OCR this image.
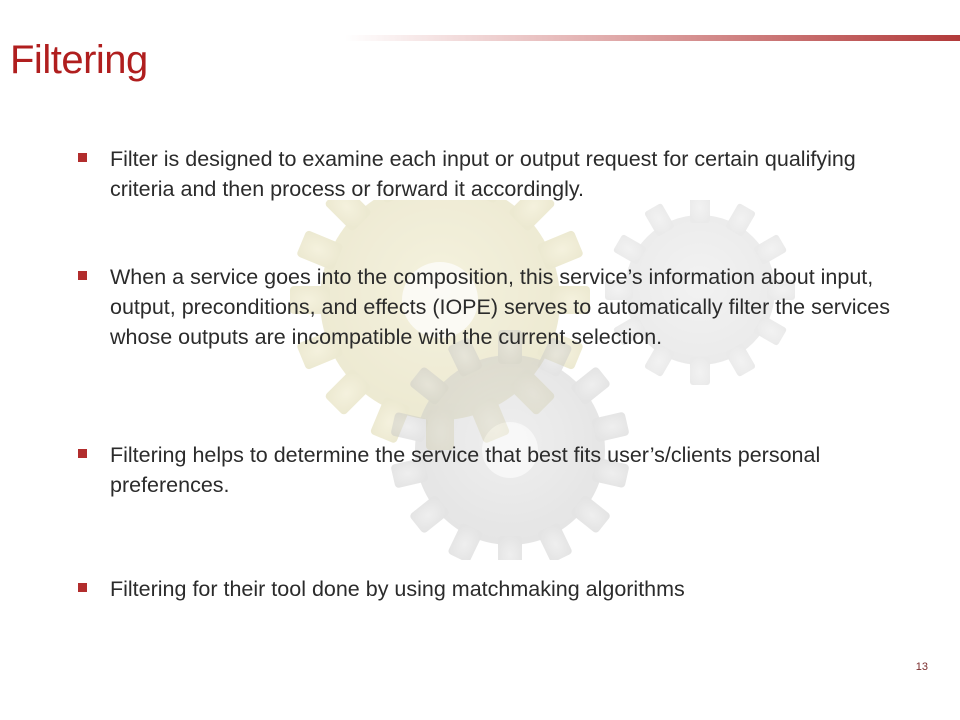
Filtering
Filter is designed to examine each input or output request for certain qualifying criteria and then process or forward it accordingly.
When a service goes into the composition, this service’s information about input, output, preconditions, and effects (IOPE) serves to automatically filter the services whose outputs are incompatible with the current selection.
Filtering helps to determine the service that best fits user’s/clients personal preferences.
Filtering for their tool done by using matchmaking algorithms
13
